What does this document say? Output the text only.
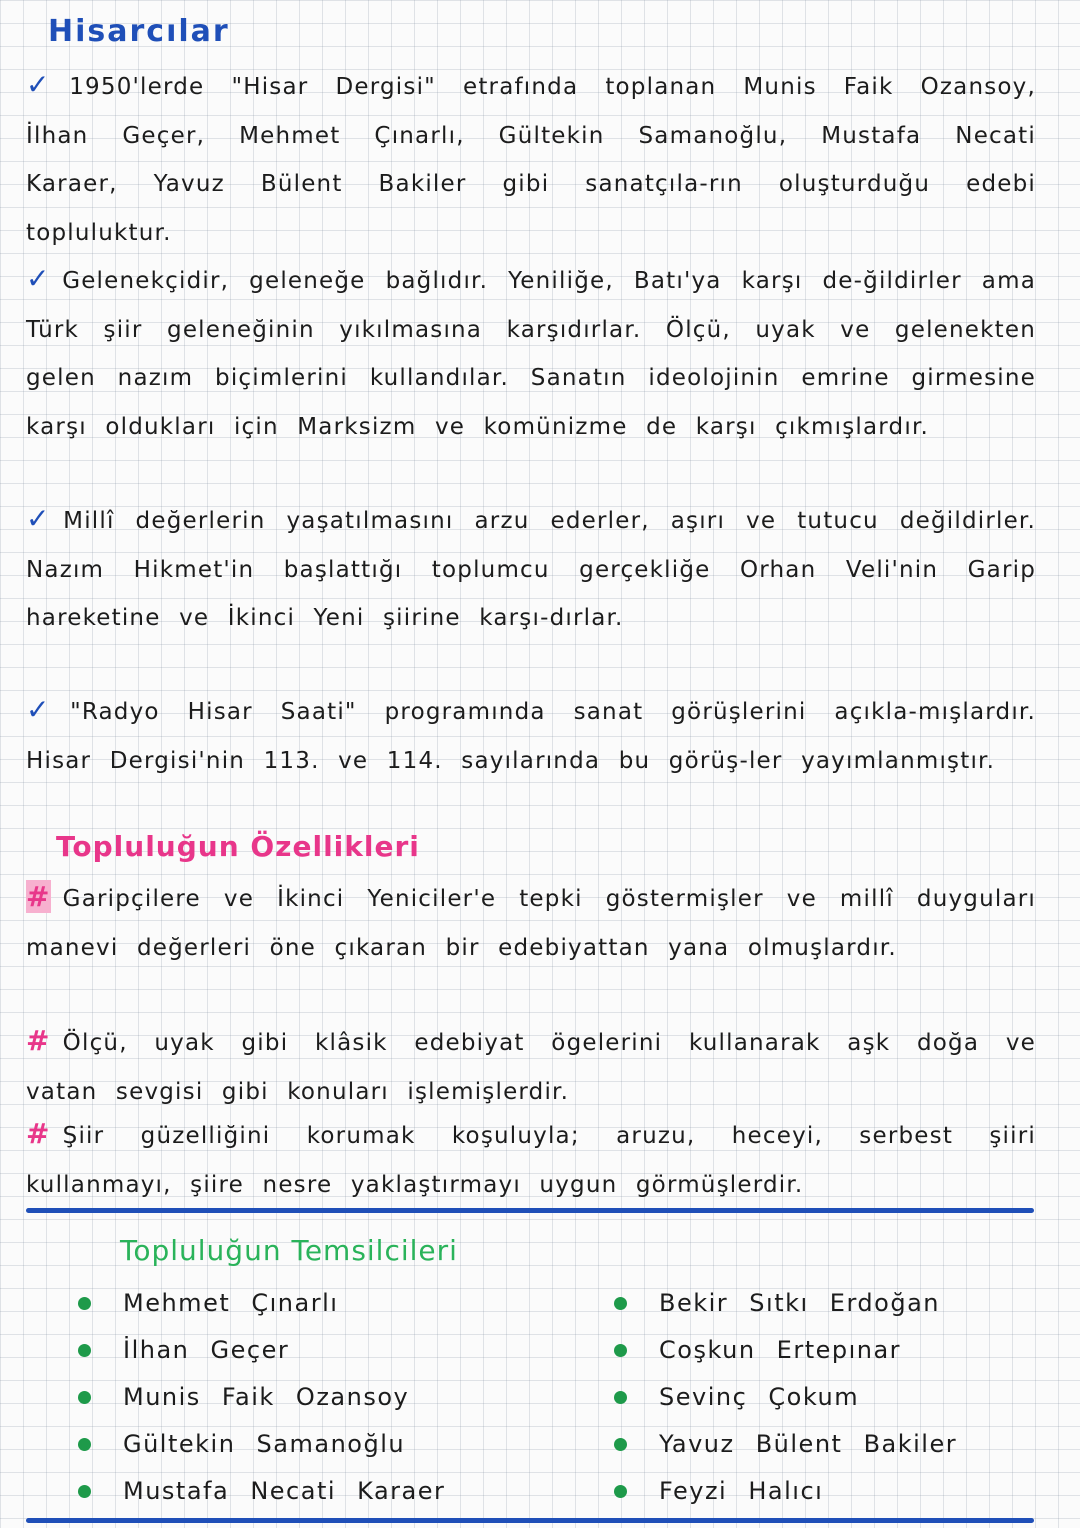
Hisarcılar
✓ 1950'lerde "Hisar Dergisi" etrafında toplanan Munis Faik Ozansoy, İlhan Geçer, Mehmet Çınarlı, Gültekin Samanoğlu, Mustafa Necati Karaer, Yavuz Bülent Bakiler gibi sanatçıla-rın oluşturduğu edebi topluluktur.
✓ Gelenekçidir, geleneğe bağlıdır. Yeniliğe, Batı'ya karşı de-ğildirler ama Türk şiir geleneğinin yıkılmasına karşıdırlar. Ölçü, uyak ve gelenekten gelen nazım biçimlerini kullandılar. Sanatın ideolojinin emrine girmesine karşı oldukları için Marksizm ve komünizme de karşı çıkmışlardır.
✓ Millî değerlerin yaşatılmasını arzu ederler, aşırı ve tutucu değildirler. Nazım Hikmet'in başlattığı toplumcu gerçekliğe Orhan Veli'nin Garip hareketine ve İkinci Yeni şiirine karşı-dırlar.
✓ "Radyo Hisar Saati" programında sanat görüşlerini açıkla-mışlardır. Hisar Dergisi'nin 113. ve 114. sayılarında bu görüş-ler yayımlanmıştır.
Topluluğun Özellikleri
# Garipçilere ve İkinci Yeniciler'e tepki göstermişler ve millî duyguları manevi değerleri öne çıkaran bir edebiyattan yana olmuşlardır.
# Ölçü, uyak gibi klâsik edebiyat ögelerini kullanarak aşk doğa ve vatan sevgisi gibi konuları işlemişlerdir.
# Şiir güzelliğini korumak koşuluyla; aruzu, heceyi, serbest şiiri kullanmayı, şiire nesre yaklaştırmayı uygun görmüşlerdir.
Topluluğun Temsilcileri
Mehmet Çınarlı
İlhan Geçer
Munis Faik Ozansoy
Gültekin Samanoğlu
Mustafa Necati Karaer
Bekir Sıtkı Erdoğan
Coşkun Ertepınar
Sevinç Çokum
Yavuz Bülent Bakiler
Feyzi Halıcı
